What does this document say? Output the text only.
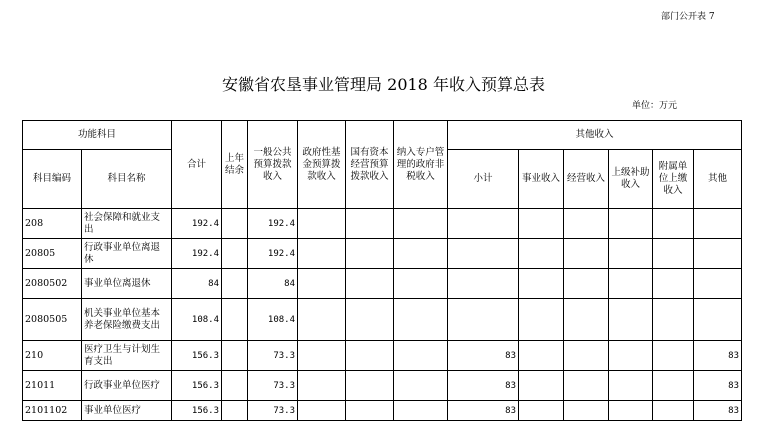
部门公开表 7
安徽省农垦事业管理局 2018 年收入预算总表
单位：万元
功能科目		合计	上年结余	一般公共预算拨款收入	政府性基金预算拨款收入	国有资本经营预算拨款收入	纳入专户管理的政府非税收入	其他收入					
科目编码	科目名称							小计	事业收入	经营收入	上级补助收入	附属单位上缴收入	其他
208	社会保障和就业支出	192.4		192.4									
20805	行政事业单位离退休	192.4		192.4									
2080502	事业单位离退休	84		84									
2080505	机关事业单位基本养老保险缴费支出	108.4		108.4									
210	医疗卫生与计划生育支出	156.3		73.3				83					83
21011	行政事业单位医疗	156.3		73.3				83					83
2101102	事业单位医疗	156.3		73.3				83					83
